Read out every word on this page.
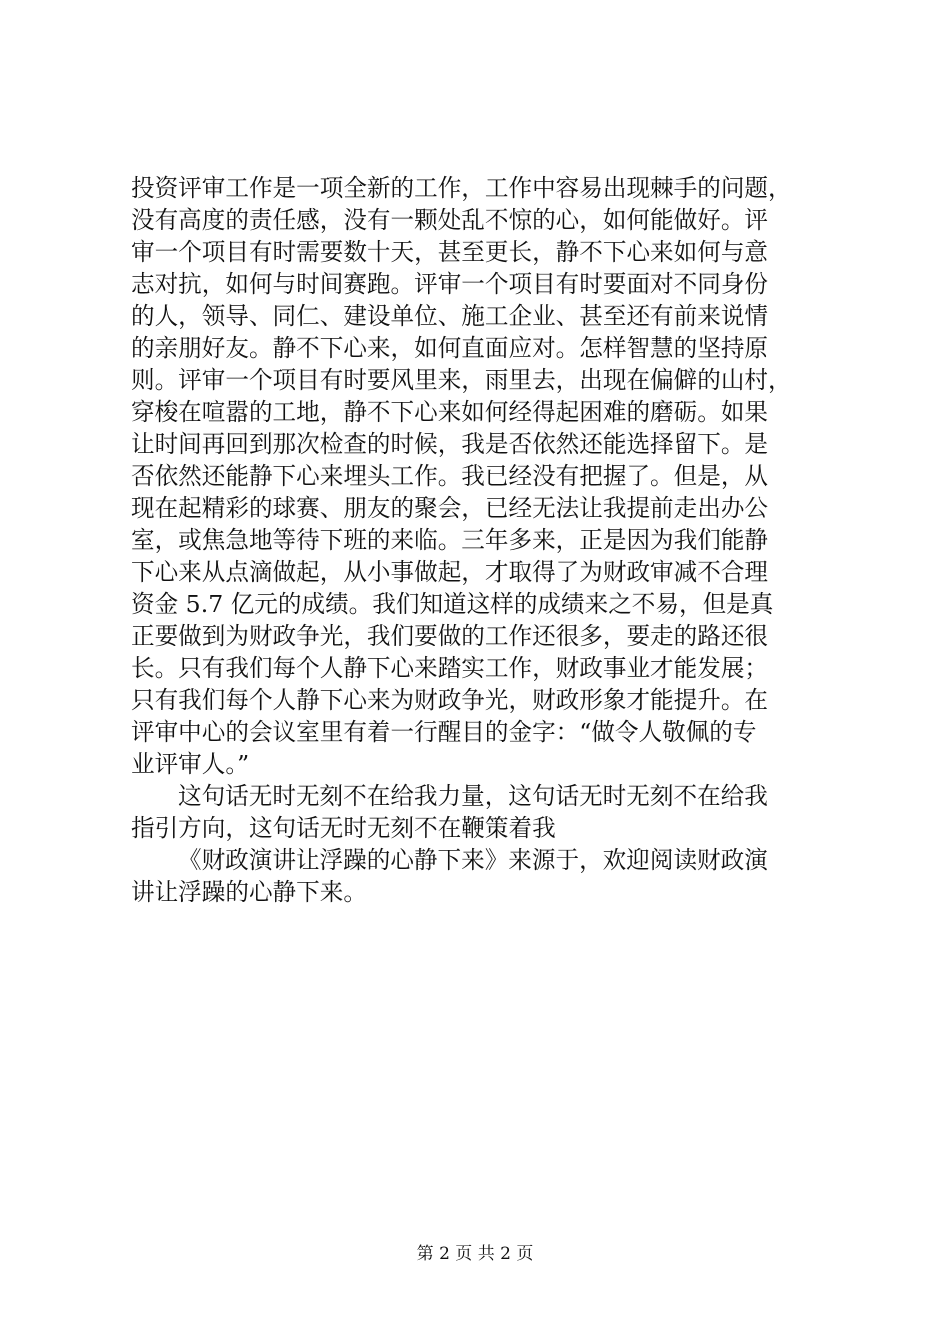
投资评审工作是一项全新的工作，工作中容易出现棘手的问题，
没有高度的责任感，没有一颗处乱不惊的心，如何能做好。评
审一个项目有时需要数十天，甚至更长，静不下心来如何与意
志对抗，如何与时间赛跑。评审一个项目有时要面对不同身份
的人，领导、同仁、建设单位、施工企业、甚至还有前来说情
的亲朋好友。静不下心来，如何直面应对。怎样智慧的坚持原
则。评审一个项目有时要风里来，雨里去，出现在偏僻的山村，
穿梭在喧嚣的工地，静不下心来如何经得起困难的磨砺。如果
让时间再回到那次检查的时候，我是否依然还能选择留下。是
否依然还能静下心来埋头工作。我已经没有把握了。但是，从
现在起精彩的球赛、朋友的聚会，已经无法让我提前走出办公
室，或焦急地等待下班的来临。三年多来，正是因为我们能静
下心来从点滴做起，从小事做起，才取得了为财政审减不合理
资金 5.7 亿元的成绩。我们知道这样的成绩来之不易，但是真
正要做到为财政争光，我们要做的工作还很多，要走的路还很
长。只有我们每个人静下心来踏实工作，财政事业才能发展；
只有我们每个人静下心来为财政争光，财政形象才能提升。在
评审中心的会议室里有着一行醒目的金字：“做令人敬佩的专
业评审人。”
这句话无时无刻不在给我力量，这句话无时无刻不在给我
指引方向，这句话无时无刻不在鞭策着我
《财政演讲让浮躁的心静下来》来源于，欢迎阅读财政演
讲让浮躁的心静下来。
第 2 页 共 2 页
